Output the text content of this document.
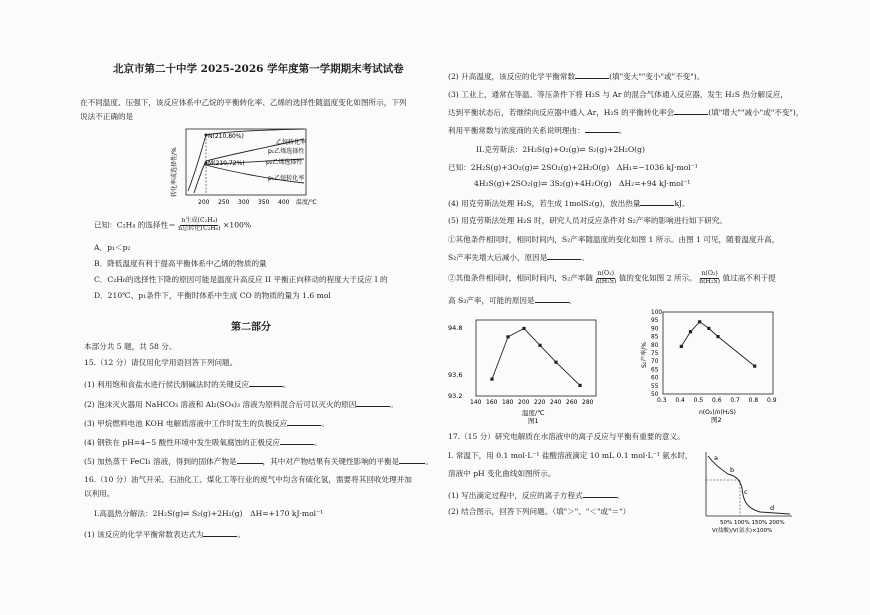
北京市第二十中学 2025-2026 学年度第一学期期末考试试卷
在不同温度、压强下，该反应体系中乙烷的平衡转化率、乙烯的选择性随温度变化如图所示，下列
说法不正确的是
转化率或选择性/%
N(210,80%)
M(210,72%)
乙烷转化率
p₁乙烯选择性
p₂乙烯选择性
p₁乙烷转化率
200 250 300 350 400 温度/℃
已知：C₂H₄ 的选择性＝ $\frac{\text{n生成(C₂H₄)}}{\text{n总转化(C₂H₆)}} \times 100\%$
A．p₁＜p₂
B．降低温度有利于提高平衡体系中乙烯的物质的量
C．C₂H₆的选择性下降的原因可能是温度升高反应 II 平衡正向移动的程度大于反应 I 的
D．210℃、p₁条件下，平衡时体系中生成 CO 的物质的量为 1.6 mol
第二部分
本部分共 5 题，共 58 分。
15.（12 分）请仅用化学用语回答下列问题。
(1) 利用饱和食盐水进行侯氏制碱法时的关键反应	。
(2) 泡沫灭火器用 NaHCO₃ 溶液和 Al₂(SO₄)₃ 溶液为原料混合后可以灭火的原因	。
(3) 甲烷燃料电池 KOH 电解质溶液中工作时发生的负极反应	。
(4) 钢铁在 pH=4~5 酸性环境中发生吸氧腐蚀的正极反应	。
(5) 加热蒸干 FeCl₃ 溶液，得到的固体产物是	，其中对产物结果有关键性影响的平衡是	。
16.（10 分）油气开采、石油化工、煤化工等行业的废气中均含有硫化氢，需要将其回收处理并加
以利用。
I.高温热分解法：2H₂S(g)⇌ S₂(g)+2H₂(g)　ΔH=+170 kJ·mol⁻¹
(1) 该反应的化学平衡常数表达式为	。
(2) 升高温度，该反应的化学平衡常数	(填"变大""变小"或"不变")。
(3) 工业上，通常在等温、等压条件下将 H₂S 与 Ar 的混合气体通入反应器，发生 H₂S 热分解反应，
达到平衡状态后，若继续向反应器中通入 Ar，H₂S 的平衡转化率会	(填"增大""减小"或"不变")，
利用平衡常数与浓度商的关系说明理由：	。
II.克劳斯法：2H₂S(g)+O₂(g)⇌ S₂(g)+2H₂O(g)
已知：2H₂S(g)+3O₂(g)⇌ 2SO₂(g)+2H₂O(g)　ΔH₁=−1036 kJ·mol⁻¹
4H₂S(g)+2SO₂(g)⇌ 3S₂(g)+4H₂O(g)　ΔH₂=+94 kJ·mol⁻¹
(4) 用克劳斯法处理 H₂S，若生成 1molS₂(g)，放出热量	kJ。
(5) 用克劳斯法处理 H₂S 时，研究人员对反应条件对 S₂产率的影响进行如下研究。
①其他条件相同时，相同时间内，S₂产率随温度的变化如图 1 所示。由图 1 可见，随着温度升高，
S₂产率先增大后减小，原因是	。
②其他条件相同时，相同时间内，S₂产率随 $\frac{\text{n(O₂)}}{\text{n(H₂S)}}$ 值的变化如图 2 所示。 $\frac{\text{n(O₂)}}{\text{n(H₂S)}}$ 值过高不利于提
高 S₂产率，可能的原因是	。
140 160 180 200 220 240 260 280
94.8
93.6
93.2
温度/℃
图1
S₂产率/%
0.3 0.4 0.5 0.6 0.7 0.8 0.9
100
95
90
85
80
75
70
65
60
55
50
n(O₂)/n(H₂S)
图2
17.（15 分）研究电解质在水溶液中的离子反应与平衡有重要的意义。
I. 常温下，用 0.1 mol·L⁻¹ 盐酸溶液滴定 10 mL 0.1 mol·L⁻¹ 氨水时，
溶液中 pH 变化曲线如图所示。
(1) 写出滴定过程中，反应的离子方程式	。
(2) 结合图示，回答下列问题。（填"＞"、"＜"或"＝"）
a
b
c
d
50% 100% 150% 200%
V(盐酸)/V(氨水)×100%
